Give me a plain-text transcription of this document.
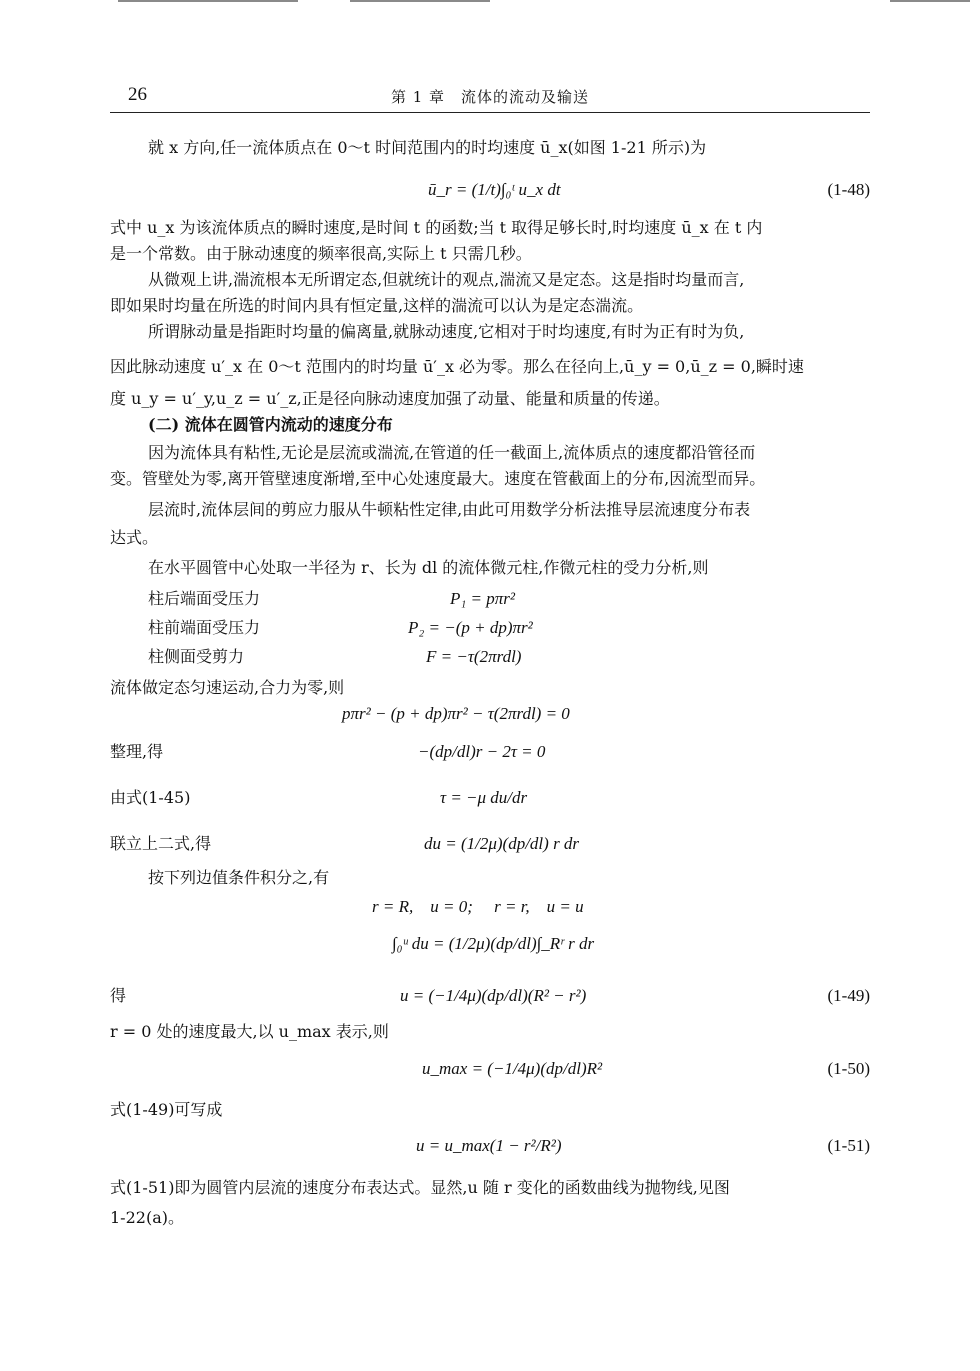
26	第 1 章　流体的流动及输送
就 x 方向,任一流体质点在 0～t 时间范围内的时均速度 ū_x(如图 1-21 所示)为
ū_r = (1/t)∫₀ᵗ u_x dt	(1-48)
式中 u_x 为该流体质点的瞬时速度,是时间 t 的函数;当 t 取得足够长时,时均速度 ū_x 在 t 内
是一个常数。由于脉动速度的频率很高,实际上 t 只需几秒。
从微观上讲,湍流根本无所谓定态,但就统计的观点,湍流又是定态。这是指时均量而言,
即如果时均量在所选的时间内具有恒定量,这样的湍流可以认为是定态湍流。
所谓脉动量是指距时均量的偏离量,就脉动速度,它相对于时均速度,有时为正有时为负,
因此脉动速度 u′_x 在 0～t 范围内的时均量 ū′_x 必为零。那么在径向上,ū_y = 0,ū_z = 0,瞬时速
度 u_y = u′_y,u_z = u′_z,正是径向脉动速度加强了动量、能量和质量的传递。
(二) 流体在圆管内流动的速度分布
因为流体具有粘性,无论是层流或湍流,在管道的任一截面上,流体质点的速度都沿管径而
变。管壁处为零,离开管壁速度渐增,至中心处速度最大。速度在管截面上的分布,因流型而异。
层流时,流体层间的剪应力服从牛顿粘性定律,由此可用数学分析法推导层流速度分布表
达式。
在水平圆管中心处取一半径为 r、长为 dl 的流体微元柱,作微元柱的受力分析,则
柱后端面受压力	P₁ = pπr²
柱前端面受压力	P₂ = −(p + dp)πr²
柱侧面受剪力	F = −τ(2πrdl)
流体做定态匀速运动,合力为零,则
pπr² − (p + dp)πr² − τ(2πrdl) = 0
整理,得	−(dp/dl)r − 2τ = 0
由式(1-45)	τ = −μ du/dr
联立上二式,得	du = (1/2μ)(dp/dl) r dr
按下列边值条件积分之,有
r = R,　u = 0;　 r = r,　u = u
∫₀ᵘ du = (1/2μ)(dp/dl)∫_Rʳ r dr
得	u = (−1/4μ)(dp/dl)(R² − r²)	(1-49)
r = 0 处的速度最大,以 u_max 表示,则
u_max = (−1/4μ)(dp/dl)R²	(1-50)
式(1-49)可写成
u = u_max(1 − r²/R²)	(1-51)
式(1-51)即为圆管内层流的速度分布表达式。显然,u 随 r 变化的函数曲线为抛物线,见图
1-22(a)。
